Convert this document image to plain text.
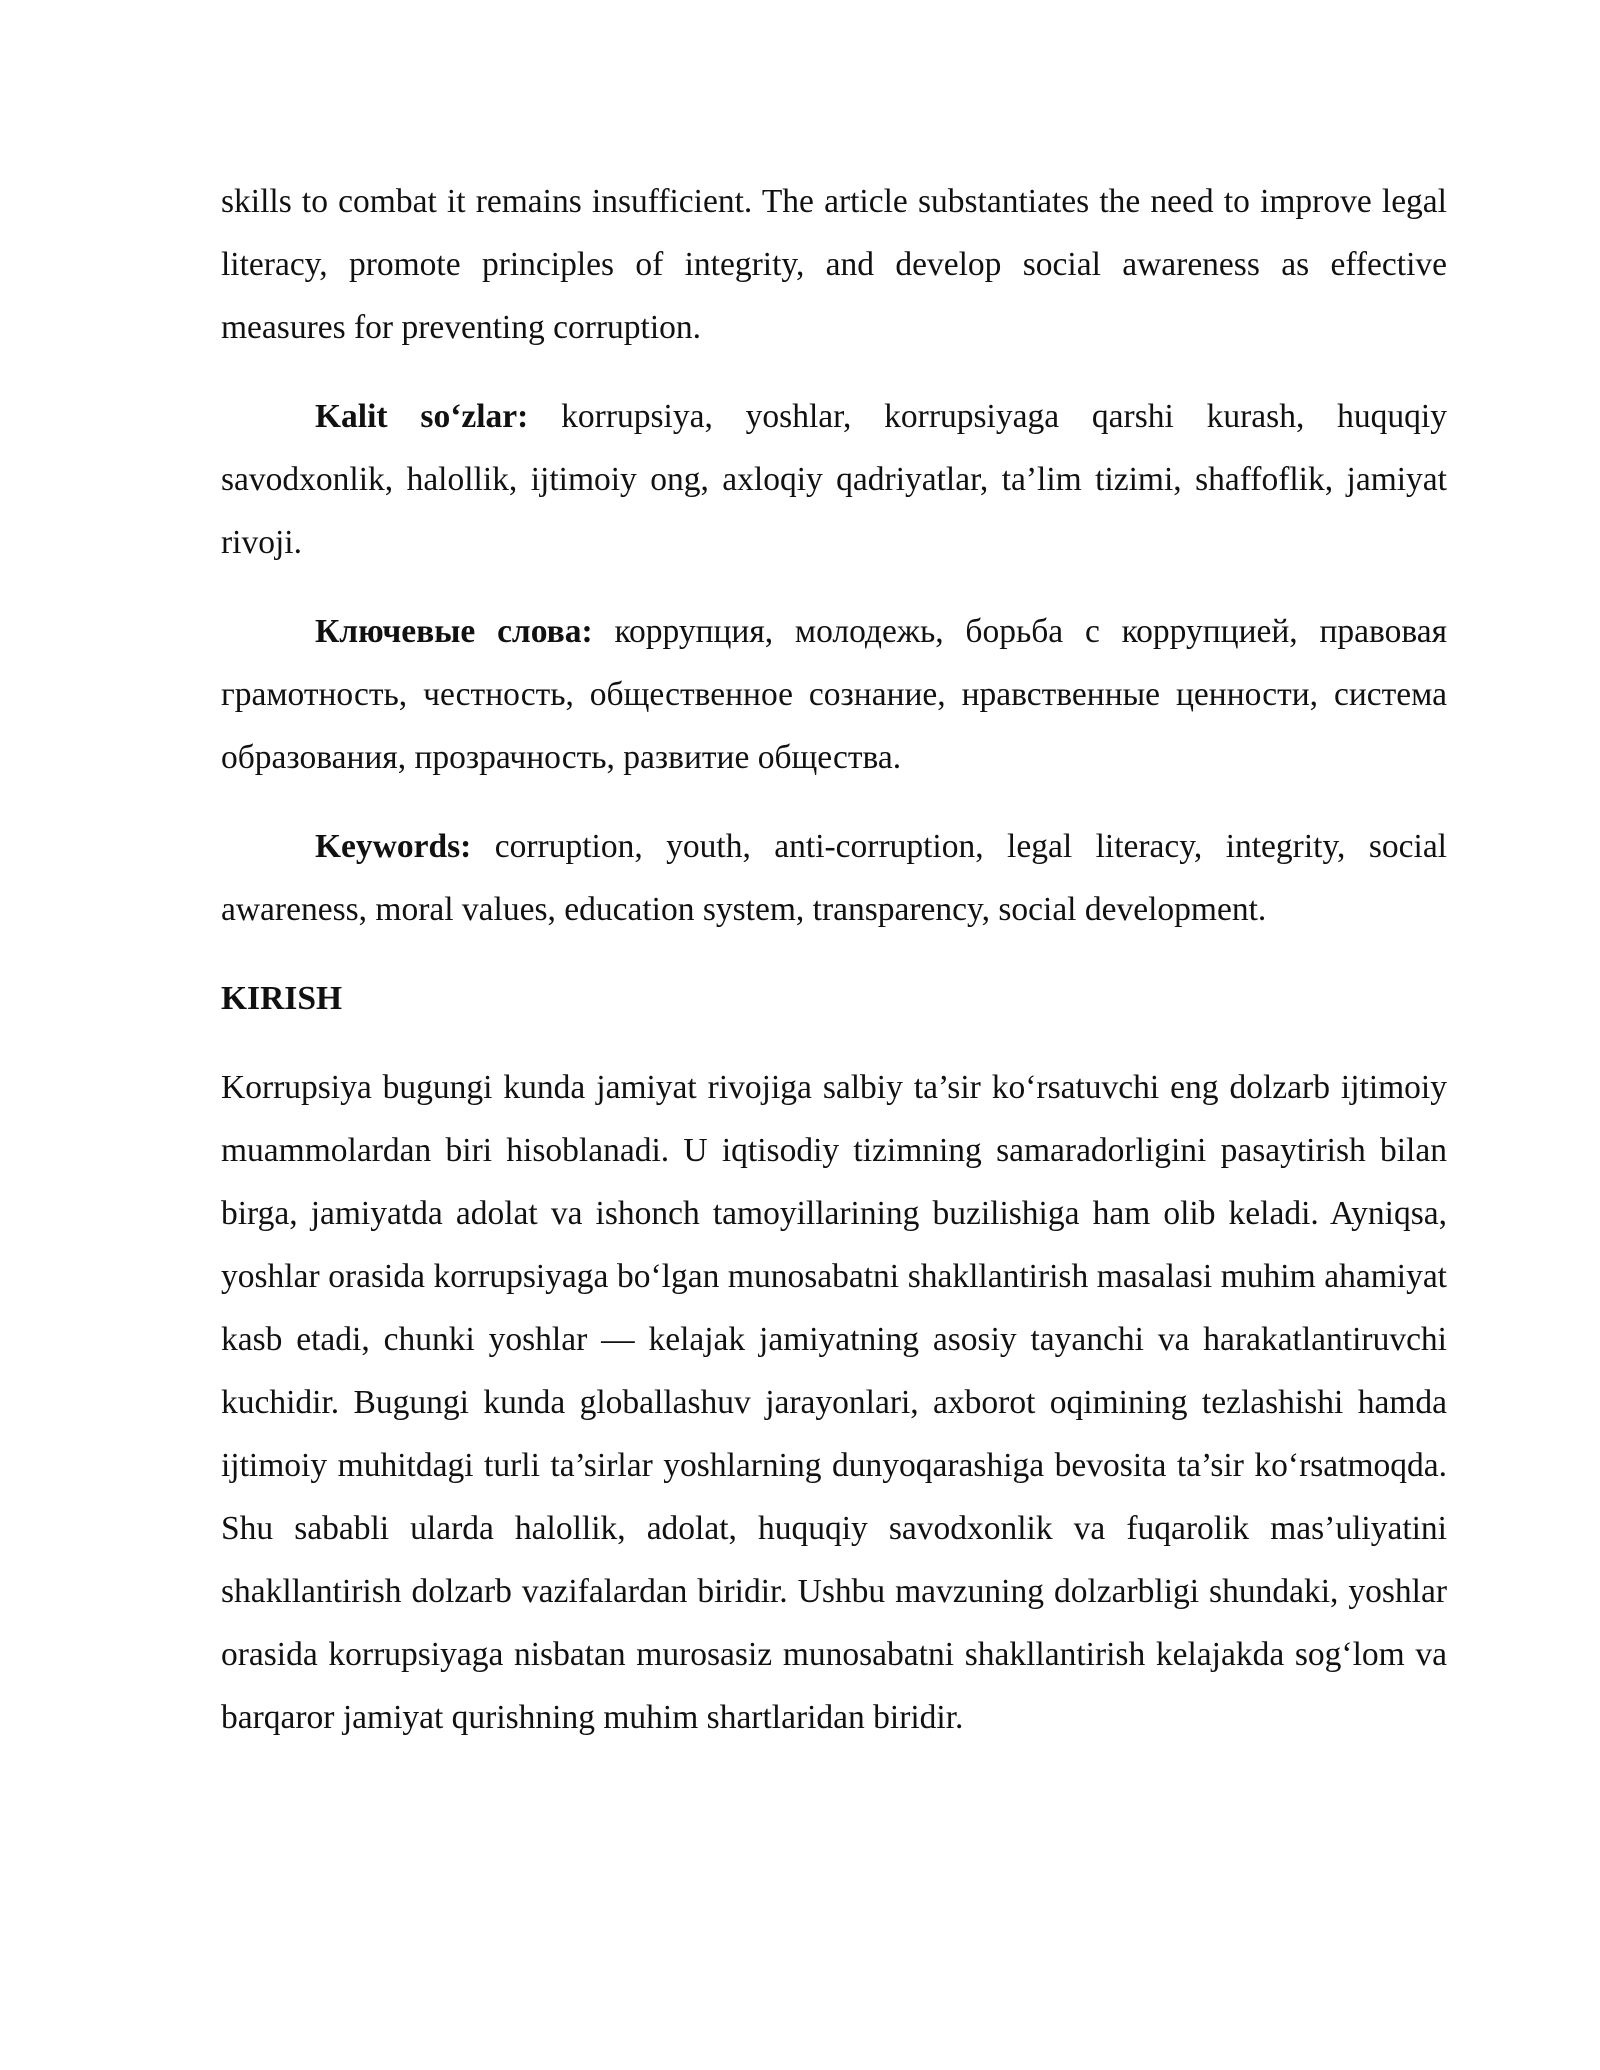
skills to combat it remains insufficient. The article substantiates the need to improve legal literacy, promote principles of integrity, and develop social awareness as effective measures for preventing corruption.

Kalit so‘zlar: korrupsiya, yoshlar, korrupsiyaga qarshi kurash, huquqiy savodxonlik, halollik, ijtimoiy ong, axloqiy qadriyatlar, ta’lim tizimi, shaffoflik, jamiyat rivoji.

Ключевые слова: коррупция, молодежь, борьба с коррупцией, правовая грамотность, честность, общественное сознание, нравственные ценности, система образования, прозрачность, развитие общества.

Keywords: corruption, youth, anti-corruption, legal literacy, integrity, social awareness, moral values, education system, transparency, social development.

KIRISH

Korrupsiya bugungi kunda jamiyat rivojiga salbiy ta’sir ko‘rsatuvchi eng dolzarb ijtimoiy muammolardan biri hisoblanadi. U iqtisodiy tizimning samaradorligini pasaytirish bilan birga, jamiyatda adolat va ishonch tamoyillarining buzilishiga ham olib keladi. Ayniqsa, yoshlar orasida korrupsiyaga bo‘lgan munosabatni shakllantirish masalasi muhim ahamiyat kasb etadi, chunki yoshlar — kelajak jamiyatning asosiy tayanchi va harakatlantiruvchi kuchidir. Bugungi kunda globallashuv jarayonlari, axborot oqimining tezlashishi hamda ijtimoiy muhitdagi turli ta’sirlar yoshlarning dunyoqarashiga bevosita ta’sir ko‘rsatmoqda. Shu sababli ularda halollik, adolat, huquqiy savodxonlik va fuqarolik mas’uliyatini shakllantirish dolzarb vazifalardan biridir. Ushbu mavzuning dolzarbligi shundaki, yoshlar orasida korrupsiyaga nisbatan murosasiz munosabatni shakllantirish kelajakda sog‘lom va barqaror jamiyat qurishning muhim shartlaridan biridir.
